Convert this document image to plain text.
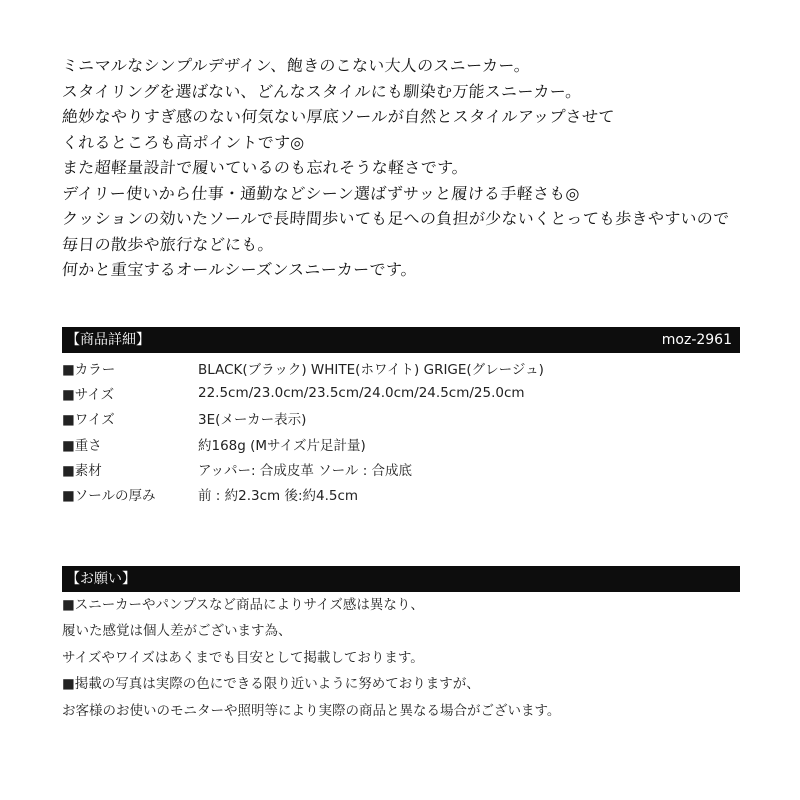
ミニマルなシンプルデザイン、飽きのこない大人のスニーカー。
スタイリングを選ばない、どんなスタイルにも馴染む万能スニーカー。
絶妙なやりすぎ感のない何気ない厚底ソールが自然とスタイルアップさせて
くれるところも高ポイントです◎
また超軽量設計で履いているのも忘れそうな軽さです。
デイリー使いから仕事・通勤などシーン選ばずサッと履ける手軽さも◎
クッションの効いたソールで長時間歩いても足への負担が少ないくとっても歩きやすいので
毎日の散歩や旅行などにも。
何かと重宝するオールシーズンスニーカーです。
【商品詳細】	moz-2961
■カラー	BLACK(ブラック) WHITE(ホワイト) GRIGE(グレージュ)
■サイズ	22.5cm/23.0cm/23.5cm/24.0cm/24.5cm/25.0cm
■ワイズ	3E(メーカー表示)
■重さ	約168g (Mサイズ片足計量)
■素材	アッパー: 合成皮革 ソール : 合成底
■ソールの厚み	前 : 約2.3cm 後:約4.5cm
【お願い】
■スニーカーやパンプスなど商品によりサイズ感は異なり、
履いた感覚は個人差がございます為、
サイズやワイズはあくまでも目安として掲載しております。
■掲載の写真は実際の色にできる限り近いように努めておりますが、
お客様のお使いのモニターや照明等により実際の商品と異なる場合がございます。
